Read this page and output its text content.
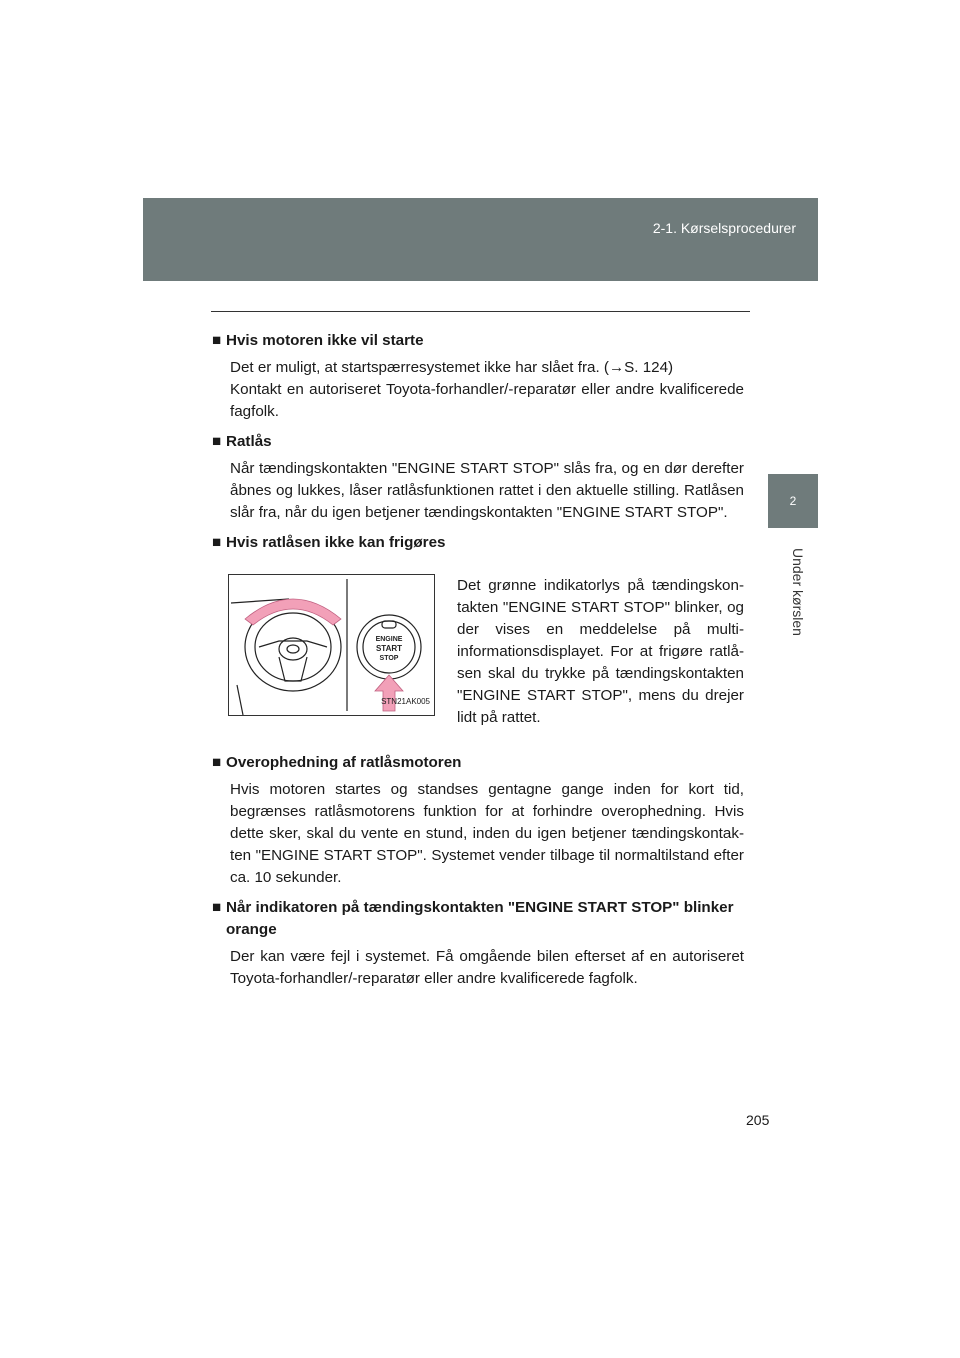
2-1. Kørselsprocedurer
2
Under kørslen

■ Hvis motoren ikke vil starte

Det er muligt, at startspærresystemet ikke har slået fra. (→S. 124)

Kontakt en autoriseret Toyota-forhandler/-reparatør eller andre kvalificerede fagfolk.

■ Ratlås

Når tændingskontakten "ENGINE START STOP" slås fra, og en dør derefter åbnes og lukkes, låser ratlåsfunktionen rattet i den aktuelle stilling. Ratlåsen slår fra, når du igen betjener tændingskontakten "ENGINE START STOP".

■ Hvis ratlåsen ikke kan frigøres

ENGINE
START
STOP
STN21AK005

Det grønne indikatorlys på tændingskontakten "ENGINE START STOP" blinker, og der vises en meddelelse på multiinformationsdisplayet. For at frigøre ratlåsen skal du trykke på tændingskontakten "ENGINE START STOP", mens du drejer lidt på rattet.

■ Overophedning af ratlåsmotoren

Hvis motoren startes og standses gentagne gange inden for kort tid, begrænses ratlåsmotorens funktion for at forhindre overophedning. Hvis dette sker, skal du vente en stund, inden du igen betjener tændingskontakten "ENGINE START STOP". Systemet vender tilbage til normaltilstand efter ca. 10 sekunder.

■ Når indikatoren på tændingskontakten "ENGINE START STOP" blinker orange

Der kan være fejl i systemet. Få omgående bilen efterset af en autoriseret Toyota-forhandler/-reparatør eller andre kvalificerede fagfolk.

205
